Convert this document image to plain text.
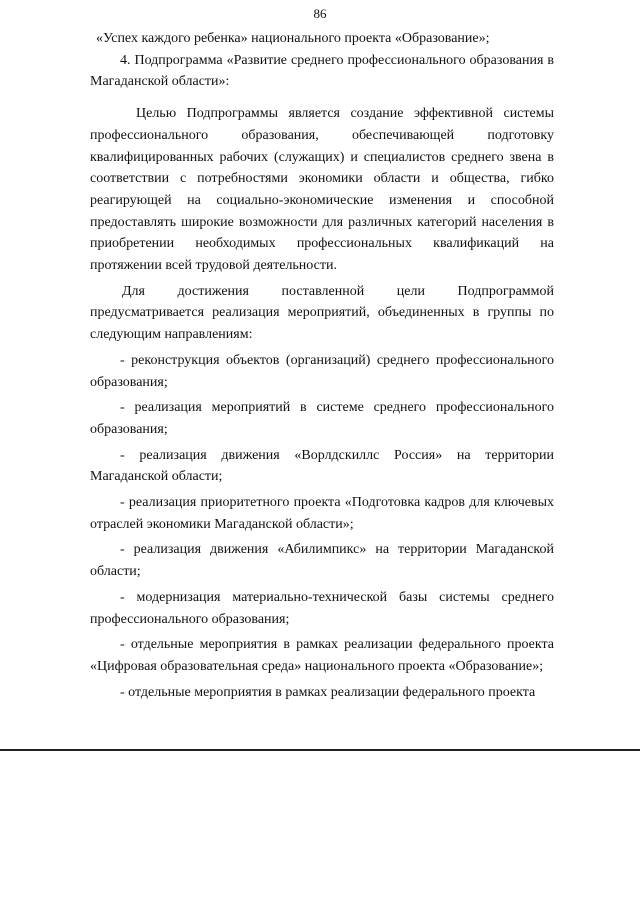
86

«Успех каждого ребенка» национального проекта «Образование»;

4. Подпрограмма «Развитие среднего профессионального образования в Магаданской области»:

Целью Подпрограммы является создание эффективной системы профессионального образования, обеспечивающей подготовку квалифицированных рабочих (служащих) и специалистов среднего звена в соответствии с потребностями экономики области и общества, гибко реагирующей на социально-экономические изменения и способной предоставлять широкие возможности для различных категорий населения в приобретении необходимых профессиональных квалификаций на протяжении всей трудовой деятельности.

Для достижения поставленной цели Подпрограммой предусматривается реализация мероприятий, объединенных в группы по следующим направлениям:

- реконструкция объектов (организаций) среднего профессионального образования;

- реализация мероприятий в системе среднего профессионального образования;

- реализация движения «Ворлдскиллс Россия» на территории Магаданской области;

- реализация приоритетного проекта «Подготовка кадров для ключевых отраслей экономики Магаданской области»;

- реализация движения «Абилимпикс» на территории Магаданской области;

- модернизация материально-технической базы системы среднего профессионального образования;

- отдельные мероприятия в рамках реализации федерального проекта «Цифровая образовательная среда» национального проекта «Образование»;

- отдельные мероприятия в рамках реализации федерального проекта
